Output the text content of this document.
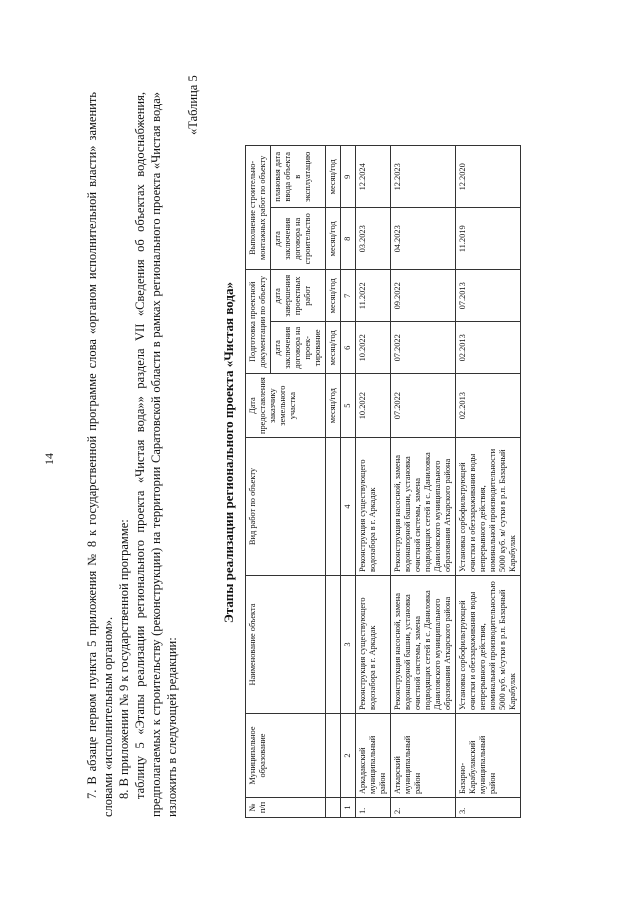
14 7. В абзаце первом пункта 5 приложения № 8 к государственной программе слова «органом исполнительной власти» заменить словами «исполнительным органом». 8. В приложении № 9 к государственной программе: таблицу 5 «Этапы реализации регионального проекта «Чистая вода»» раздела VII «Сведения об объектах водоснабжения, предполагаемых к строительству (реконструкции) на территории Саратовской области в рамках регионального проекта «Чистая вода» изложить в следующей редакции:
«Таблица 5
Этапы реализации регионального проекта «Чистая вода»
№ п/п	Муниципальное образование	Наименование объекта	Вид работ по объекту	Дата предоставления заказчику земельного участка	Подготовка проектной документации по объекту		Выполнение строительно-монтажных работ по объекту	
					дата заключения договора на проек-тирование	дата завершения проектных работ	дата заключения договора на строительство	плановая дата ввода объекта в эксплуатацию
				месяц/год	месяц/год	месяц/год	месяц/год	месяц/год
1	2	3	4	5	6	7	8	9
1.	Аркадакский муниципальный район	Реконструкция существующего водозабора в г. Аркадак	Реконструкция существующего водозабора в г. Аркадак	10.2022	10.2022	11.2022	03.2023	12.2024
2.	Аткарский муниципальный район	Реконструкция насосной, замена водонапорной башни, установка очистной системы, замена подводящих сетей в с. Даниловка Даниловского муниципального образования Аткарского района	Реконструкция насосной, замена водонапорной башни, установка очистной системы, замена подводящих сетей в с. Даниловка Даниловского муниципального образования Аткарского района	07.2022	07.2022	09.2022	04.2023	12.2023
3.	Базарно-Карабулакский муниципальный район	Установка сорбофильтрующей очистки и обеззараживания воды непрерывного действия, номинальной производительностью 5000 куб. м/сутки в р.п. Базарный Карабулак	Установка сорбофильтрующей очистки и обеззараживания воды непрерывного действия, номинальной производительности 5000 куб. м/ сутки в р.п. Базарный Карабулак	02.2013	02.2013	07.2013	11.2019	12.2020
